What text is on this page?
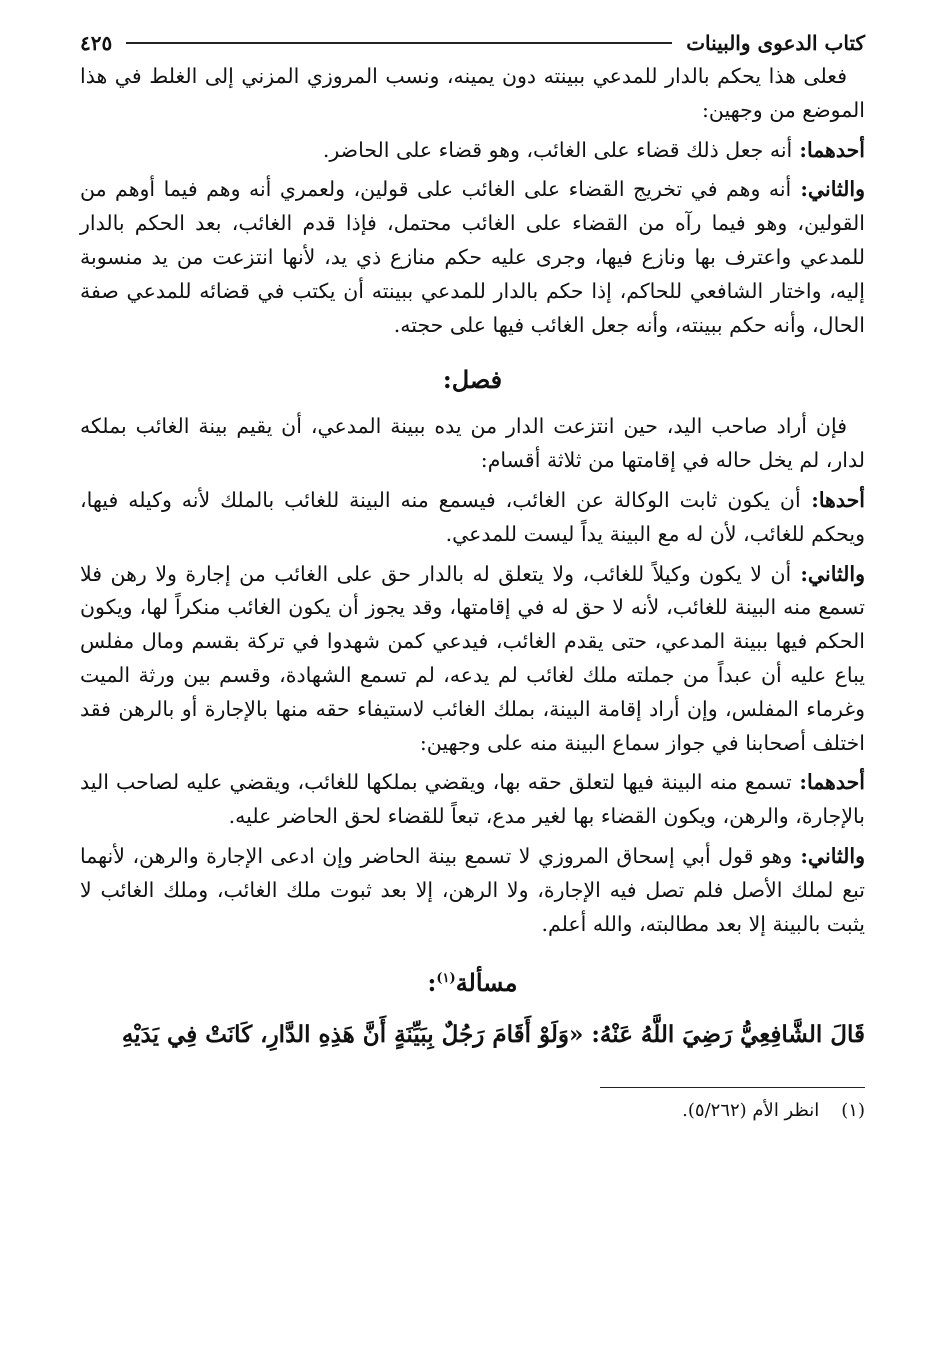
كتاب الدعوى والبينات
٤٢٥

فعلى هذا يحكم بالدار للمدعي ببينته دون يمينه، ونسب المروزي المزني إلى الغلط في هذا الموضع من وجهين:

أحدهما: أنه جعل ذلك قضاء على الغائب، وهو قضاء على الحاضر.

والثاني: أنه وهم في تخريج القضاء على الغائب على قولين، ولعمري أنه وهم فيما أوهم من القولين، وهو فيما رآه من القضاء على الغائب محتمل، فإذا قدم الغائب، بعد الحكم بالدار للمدعي واعترف بها ونازع فيها، وجرى عليه حكم منازع ذي يد، لأنها انتزعت من يد منسوبة إليه، واختار الشافعي للحاكم، إذا حكم بالدار للمدعي ببينته أن يكتب في قضائه للمدعي صفة الحال، وأنه حكم ببينته، وأنه جعل الغائب فيها على حجته.

فصل:

فإن أراد صاحب اليد، حين انتزعت الدار من يده ببينة المدعي، أن يقيم بينة الغائب بملكه لدار، لم يخل حاله في إقامتها من ثلاثة أقسام:

أحدها: أن يكون ثابت الوكالة عن الغائب، فيسمع منه البينة للغائب بالملك لأنه وكيله فيها، ويحكم للغائب، لأن له مع البينة يداً ليست للمدعي.

والثاني: أن لا يكون وكيلاً للغائب، ولا يتعلق له بالدار حق على الغائب من إجارة ولا رهن فلا تسمع منه البينة للغائب، لأنه لا حق له في إقامتها، وقد يجوز أن يكون الغائب منكراً لها، ويكون الحكم فيها ببينة المدعي، حتى يقدم الغائب، فيدعي كمن شهدوا في تركة بقسم ومال مفلس يباع عليه أن عبداً من جملته ملك لغائب لم يدعه، لم تسمع الشهادة، وقسم بين ورثة الميت وغرماء المفلس، وإن أراد إقامة البينة، بملك الغائب لاستيفاء حقه منها بالإجارة أو بالرهن فقد اختلف أصحابنا في جواز سماع البينة منه على وجهين:

أحدهما: تسمع منه البينة فيها لتعلق حقه بها، ويقضي بملكها للغائب، ويقضي عليه لصاحب اليد بالإجارة، والرهن، ويكون القضاء بها لغير مدع، تبعاً للقضاء لحق الحاضر عليه.

والثاني: وهو قول أبي إسحاق المروزي لا تسمع بينة الحاضر وإن ادعى الإجارة والرهن، لأنهما تبع لملك الأصل فلم تصل فيه الإجارة، ولا الرهن، إلا بعد ثبوت ملك الغائب، وملك الغائب لا يثبت بالبينة إلا بعد مطالبته، والله أعلم.

مسألة$^{(١)}$:
قَالَ الشَّافِعِيُّ رَضِيَ اللَّهُ عَنْهُ: «وَلَوْ أَقَامَ رَجُلٌ بِبَيِّنَةٍ أَنَّ هَذِهِ الدَّارِ، كَانَتْ فِي يَدَيْهِ
(١)انظر الأم (٥/٢٦٢).
